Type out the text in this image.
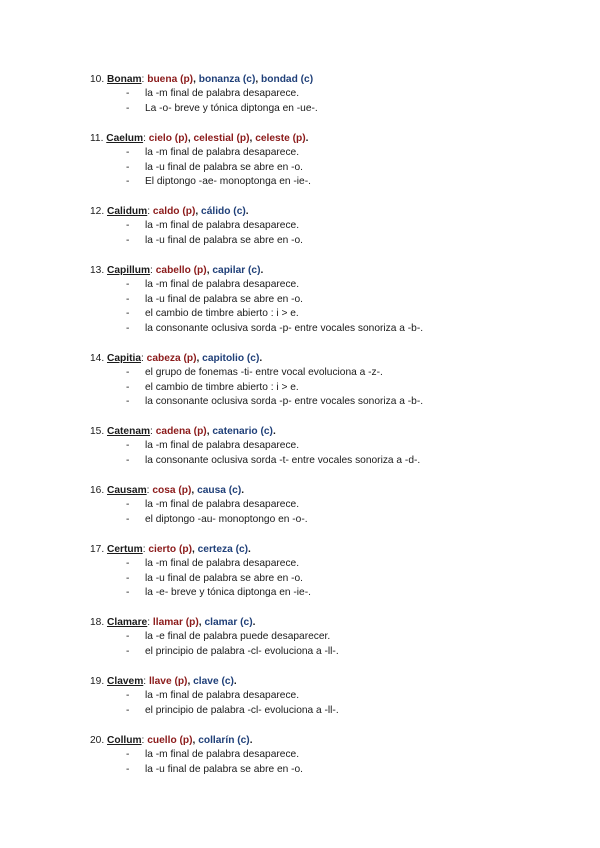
10. Bonam: buena (p), bonanza (c), bondad (c)
- la -m final de palabra desaparece.
- La -o- breve y tónica diptonga en -ue-.
11. Caelum: cielo (p), celestial (p), celeste (p).
- la -m final de palabra desaparece.
- la -u final de palabra se abre en -o.
- El diptongo -ae- monoptonga en -ie-.
12. Calidum: caldo (p), cálido (c).
- la -m final de palabra desaparece.
- la -u final de palabra se abre en -o.
13. Capillum: cabello (p), capilar (c).
- la -m final de palabra desaparece.
- la -u final de palabra se abre en -o.
- el cambio de timbre abierto : i > e.
- la consonante oclusiva sorda -p- entre vocales sonoriza a -b-.
14. Capitia: cabeza (p), capitolio (c).
- el grupo de fonemas -ti- entre vocal evoluciona a -z-.
- el cambio de timbre abierto : i > e.
- la consonante oclusiva sorda -p- entre vocales sonoriza a -b-.
15. Catenam: cadena (p), catenario (c).
- la -m final de palabra desaparece.
- la consonante oclusiva sorda -t- entre vocales sonoriza a -d-.
16. Causam: cosa (p), causa (c).
- la -m final de palabra desaparece.
- el diptongo -au- monoptongo en -o-.
17. Certum: cierto (p), certeza (c).
- la -m final de palabra desaparece.
- la -u final de palabra se abre en -o.
- la -e- breve y tónica diptonga en -ie-.
18. Clamare: llamar (p), clamar (c).
- la -e final de palabra puede desaparecer.
- el principio de palabra -cl- evoluciona a -ll-.
19. Clavem: llave (p), clave (c).
- la -m final de palabra desaparece.
- el principio de palabra -cl- evoluciona a -ll-.
20. Collum: cuello (p), collarín (c).
- la -m final de palabra desaparece.
- la -u final de palabra se abre en -o.
